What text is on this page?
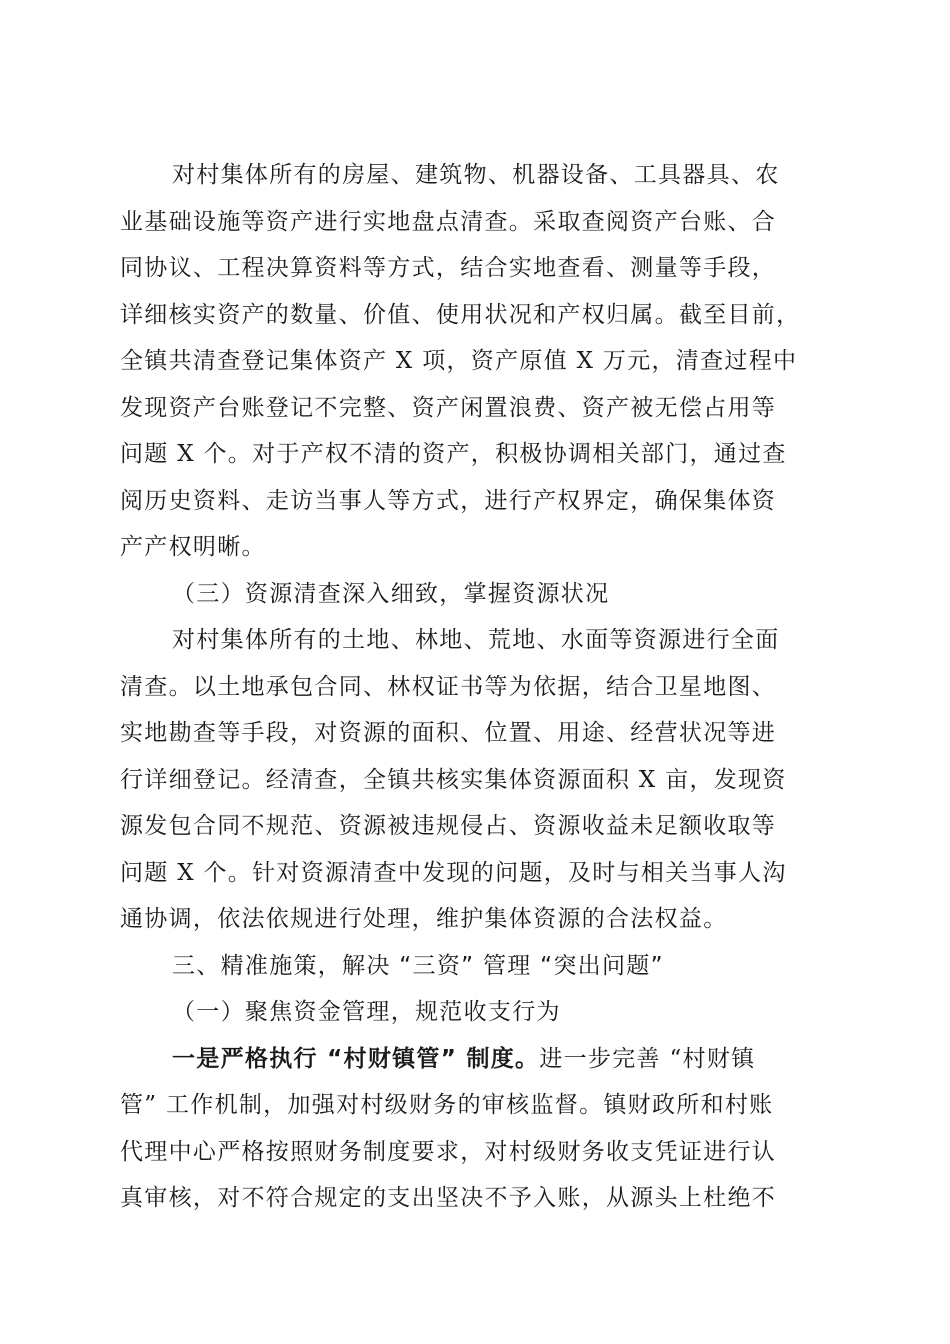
对村集体所有的房屋、建筑物、机器设备、工具器具、农
业基础设施等资产进行实地盘点清查。采取查阅资产台账、合
同协议、工程决算资料等方式，结合实地查看、测量等手段，
详细核实资产的数量、价值、使用状况和产权归属。截至目前，
全镇共清查登记集体资产 X 项，资产原值 X 万元，清查过程中
发现资产台账登记不完整、资产闲置浪费、资产被无偿占用等
问题 X 个。对于产权不清的资产，积极协调相关部门，通过查
阅历史资料、走访当事人等方式，进行产权界定，确保集体资
产产权明晰。
（三）资源清查深入细致，掌握资源状况
对村集体所有的土地、林地、荒地、水面等资源进行全面
清查。以土地承包合同、林权证书等为依据，结合卫星地图、
实地勘查等手段，对资源的面积、位置、用途、经营状况等进
行详细登记。经清查，全镇共核实集体资源面积 X 亩，发现资
源发包合同不规范、资源被违规侵占、资源收益未足额收取等
问题 X 个。针对资源清查中发现的问题，及时与相关当事人沟
通协调，依法依规进行处理，维护集体资源的合法权益。
三、精准施策，解决 “三资” 管理 “突出问题”
（一）聚焦资金管理，规范收支行为
一是严格执行 “村财镇管” 制度。进一步完善 “村财镇
管” 工作机制，加强对村级财务的审核监督。镇财政所和村账
代理中心严格按照财务制度要求，对村级财务收支凭证进行认
真审核，对不符合规定的支出坚决不予入账，从源头上杜绝不
